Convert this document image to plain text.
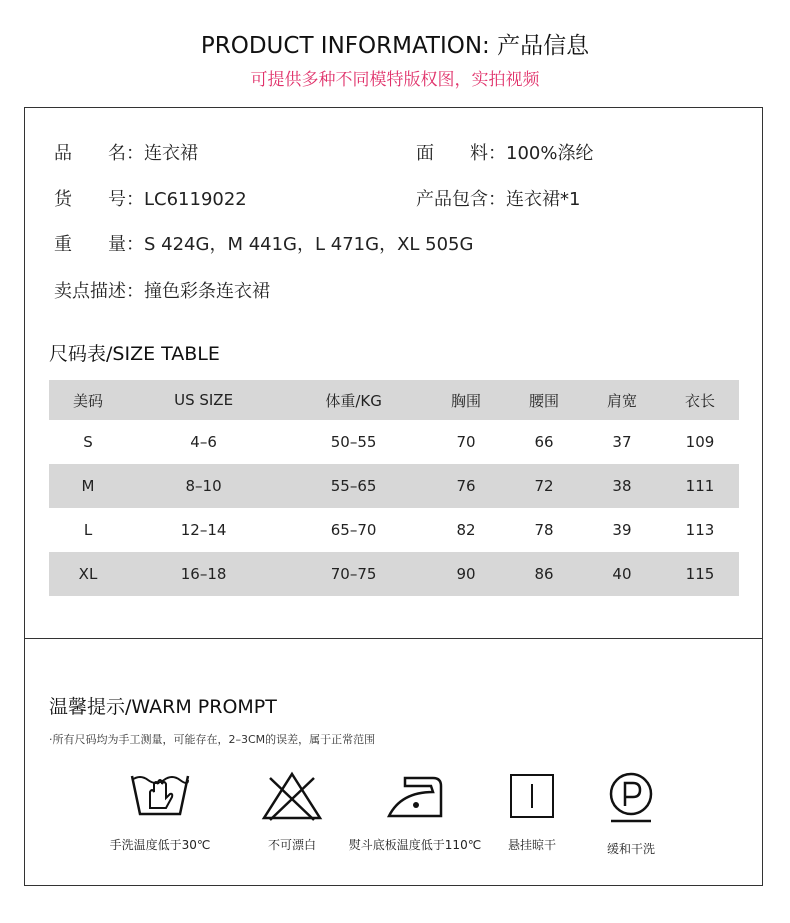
PRODUCT INFORMATION: 产品信息
可提供多种不同模特版权图，实拍视频
品　　名：连衣裙	面　　料：100%涤纶
货　　号：LC6119022	产品包含：连衣裙*1
重　　量：S 424G，M 441G，L 471G，XL 505G
卖点描述：撞色彩条连衣裙
尺码表/SIZE TABLE
美码	US SIZE	体重/KG	胸围	腰围	肩宽	衣长
S	4–6	50–55	70	66	37	109
M	8–10	55–65	76	72	38	111
L	12–14	65–70	82	78	39	113
XL	16–18	70–75	90	86	40	115
温馨提示/WARM PROMPT
·所有尺码均为手工测量，可能存在，2–3CM的误差，属于正常范围
手洗温度低于30℃	不可漂白	熨斗底板温度低于110℃	悬挂晾干	缓和干洗
